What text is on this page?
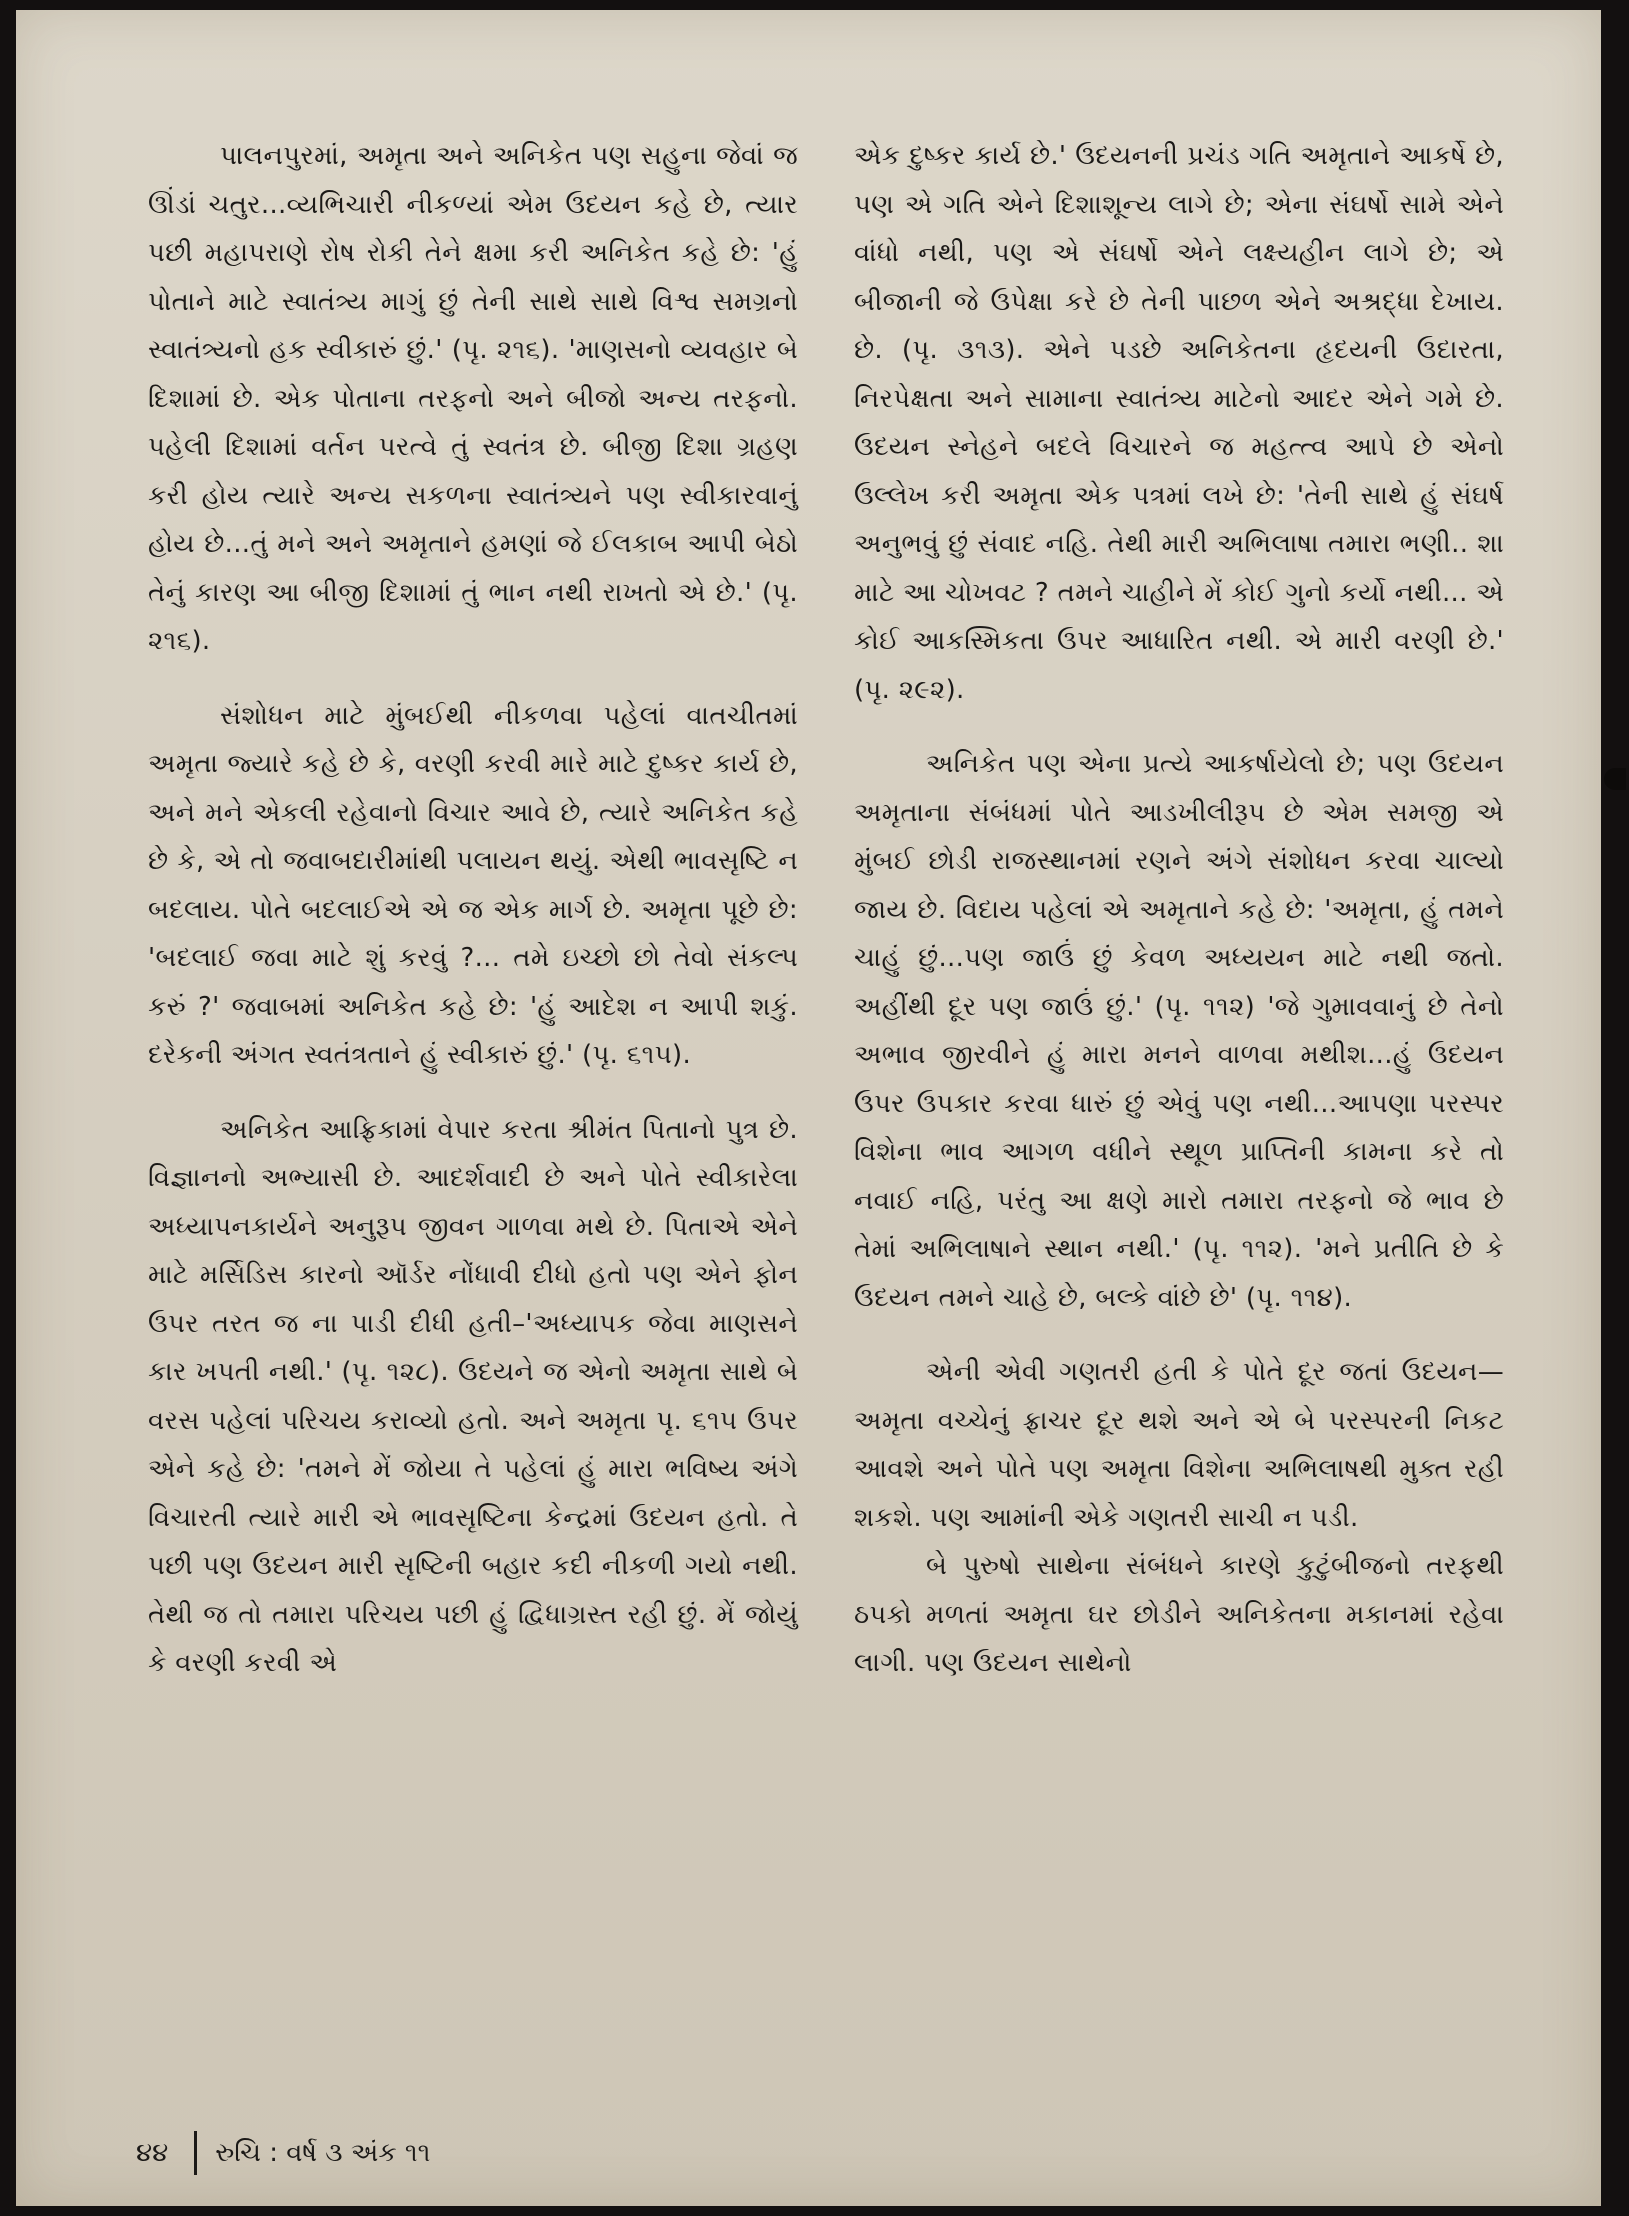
પાલનપુરમાં, અમૃતા અને અનિકેત પણ સહુના જેવાં જ ઊંડાં ચતુર...વ્યભિચારી નીકળ્યાં એમ ઉદયન કહે છે, ત્યાર પછી મહાપરાણે રોષ રોકી તેને ક્ષમા કરી અનિકેત કહે છે: 'હું પોતાને માટે સ્વાતંત્ર્ય માગું છું તેની સાથે સાથે વિશ્વ સમગ્રનો સ્વાતંત્ર્યનો હક સ્વીકારું છું.' (પૃ. ૨૧૬). 'માણસનો વ્યવહાર બે દિશામાં છે. એક પોતાના તરફનો અને બીજો અન્ય તરફનો. પહેલી દિશામાં વર્તન પરત્વે તું સ્વતંત્ર છે. બીજી દિશા ગ્રહણ કરી હોય ત્યારે અન્ય સકળના સ્વાતંત્ર્યને પણ સ્વીકારવાનું હોય છે...તું મને અને અમૃતાને હમણાં જે ઈલકાબ આપી બેઠો તેનું કારણ આ બીજી દિશામાં તું ભાન નથી રાખતો એ છે.' (પૃ. ૨૧૬).

સંશોધન માટે મુંબઈથી નીકળવા પહેલાં વાતચીતમાં અમૃતા જ્યારે કહે છે કે, વરણી કરવી મારે માટે દુષ્કર કાર્ય છે, અને મને એકલી રહેવાનો વિચાર આવે છે, ત્યારે અનિકેત કહે છે કે, એ તો જવાબદારીમાંથી પલાયન થયું. એથી ભાવસૃષ્ટિ ન બદલાય. પોતે બદલાઈએ એ જ એક માર્ગ છે. અમૃતા પૂછે છે: 'બદલાઈ જવા માટે શું કરવું ?... તમે ઇચ્છો છો તેવો સંકલ્પ કરું ?' જવાબમાં અનિકેત કહે છે: 'હું આદેશ ન આપી શકું. દરેકની અંગત સ્વતંત્રતાને હું સ્વીકારું છું.' (પૃ. ૬૧૫).

અનિકેત આફ્રિકામાં વેપાર કરતા શ્રીમંત પિતાનો પુત્ર છે. વિજ્ઞાનનો અભ્યાસી છે. આદર્શવાદી છે અને પોતે સ્વીકારેલા અધ્યાપનકાર્યને અનુરૂપ જીવન ગાળવા મથે છે. પિતાએ એને માટે મર્સિડિસ કારનો ઑર્ડર નોંધાવી દીધો હતો પણ એને ફોન ઉપર તરત જ ના પાડી દીધી હતી–'અધ્યાપક જેવા માણસને કાર ખપતી નથી.' (પૃ. ૧૨૮). ઉદયને જ એનો અમૃતા સાથે બે વરસ પહેલાં પરિચય કરાવ્યો હતો. અને અમૃતા પૃ. ૬૧૫ ઉપર એને કહે છે: 'તમને મેં જોયા તે પહેલાં હું મારા ભવિષ્ય અંગે વિચારતી ત્યારે મારી એ ભાવસૃષ્ટિના કેન્દ્રમાં ઉદયન હતો. તે પછી પણ ઉદયન મારી સૃષ્ટિની બહાર કદી નીકળી ગયો નથી. તેથી જ તો તમારા પરિચય પછી હું દ્વિધાગ્રસ્ત રહી છું. મેં જોયું કે વરણી કરવી એ

એક દુષ્કર કાર્ય છે.' ઉદયનની પ્રચંડ ગતિ અમૃતાને આકર્ષે છે, પણ એ ગતિ એને દિશાશૂન્ય લાગે છે; એના સંઘર્ષો સામે એને વાંધો નથી, પણ એ સંઘર્ષો એને લક્ષ્યહીન લાગે છે; એ બીજાની જે ઉપેક્ષા કરે છે તેની પાછળ એને અશ્રદ્ધા દેખાય. છે. (પૃ. ૩૧૩). એને પડછે અનિકેતના હૃદયની ઉદારતા, નિરપેક્ષતા અને સામાના સ્વાતંત્ર્ય માટેનો આદર એને ગમે છે. ઉદયન સ્નેહને બદલે વિચારને જ મહત્ત્વ આપે છે એનો ઉલ્લેખ કરી અમૃતા એક પત્રમાં લખે છે: 'તેની સાથે હું સંઘર્ષ અનુભવું છું સંવાદ નહિ. તેથી મારી અભિલાષા તમારા ભણી.. શા માટે આ ચોખવટ ? તમને ચાહીને મેં કોઈ ગુનો કર્યો નથી... એ કોઈ આકસ્મિકતા ઉપર આધારિત નથી. એ મારી વરણી છે.' (પૃ. ૨૯૨).

અનિકેત પણ એના પ્રત્યે આકર્ષાયેલો છે; પણ ઉદયન અમૃતાના સંબંધમાં પોતે આડખીલીરૂપ છે એમ સમજી એ મુંબઈ છોડી રાજસ્થાનમાં રણને અંગે સંશોધન કરવા ચાલ્યો જાય છે. વિદાય પહેલાં એ અમૃતાને કહે છે: 'અમૃતા, હું તમને ચાહું છું...પણ જાઉં છું કેવળ અધ્યયન માટે નથી જતો. અહીંથી દૂર પણ જાઉં છું.' (પૃ. ૧૧૨) 'જે ગુમાવવાનું છે તેનો અભાવ જીરવીને હું મારા મનને વાળવા મથીશ...હું ઉદયન ઉપર ઉપકાર કરવા ધારું છું એવું પણ નથી...આપણા પરસ્પર વિશેના ભાવ આગળ વધીને સ્થૂળ પ્રાપ્તિની કામના કરે તો નવાઈ નહિ, પરંતુ આ ક્ષણે મારો તમારા તરફનો જે ભાવ છે તેમાં અભિલાષાને સ્થાન નથી.' (પૃ. ૧૧૨). 'મને પ્રતીતિ છે કે ઉદયન તમને ચાહે છે, બલ્કે વાંછે છે' (પૃ. ૧૧૪).

એની એવી ગણતરી હતી કે પોતે દૂર જતાં ઉદયન—અમૃતા વચ્ચેનું ફ્રાચર દૂર થશે અને એ બે પરસ્પરની નિકટ આવશે અને પોતે પણ અમૃતા વિશેના અભિલાષથી મુક્ત રહી શકશે. પણ આમાંની એકે ગણતરી સાચી ન પડી.

બે પુરુષો સાથેના સંબંધને કારણે કુટુંબીજનો તરફથી ઠપકો મળતાં અમૃતા ઘર છોડીને અનિકેતના મકાનમાં રહેવા લાગી. પણ ઉદયન સાથેનો

૪૪ રુચિ : વર્ષ ૩ અંક ૧૧
